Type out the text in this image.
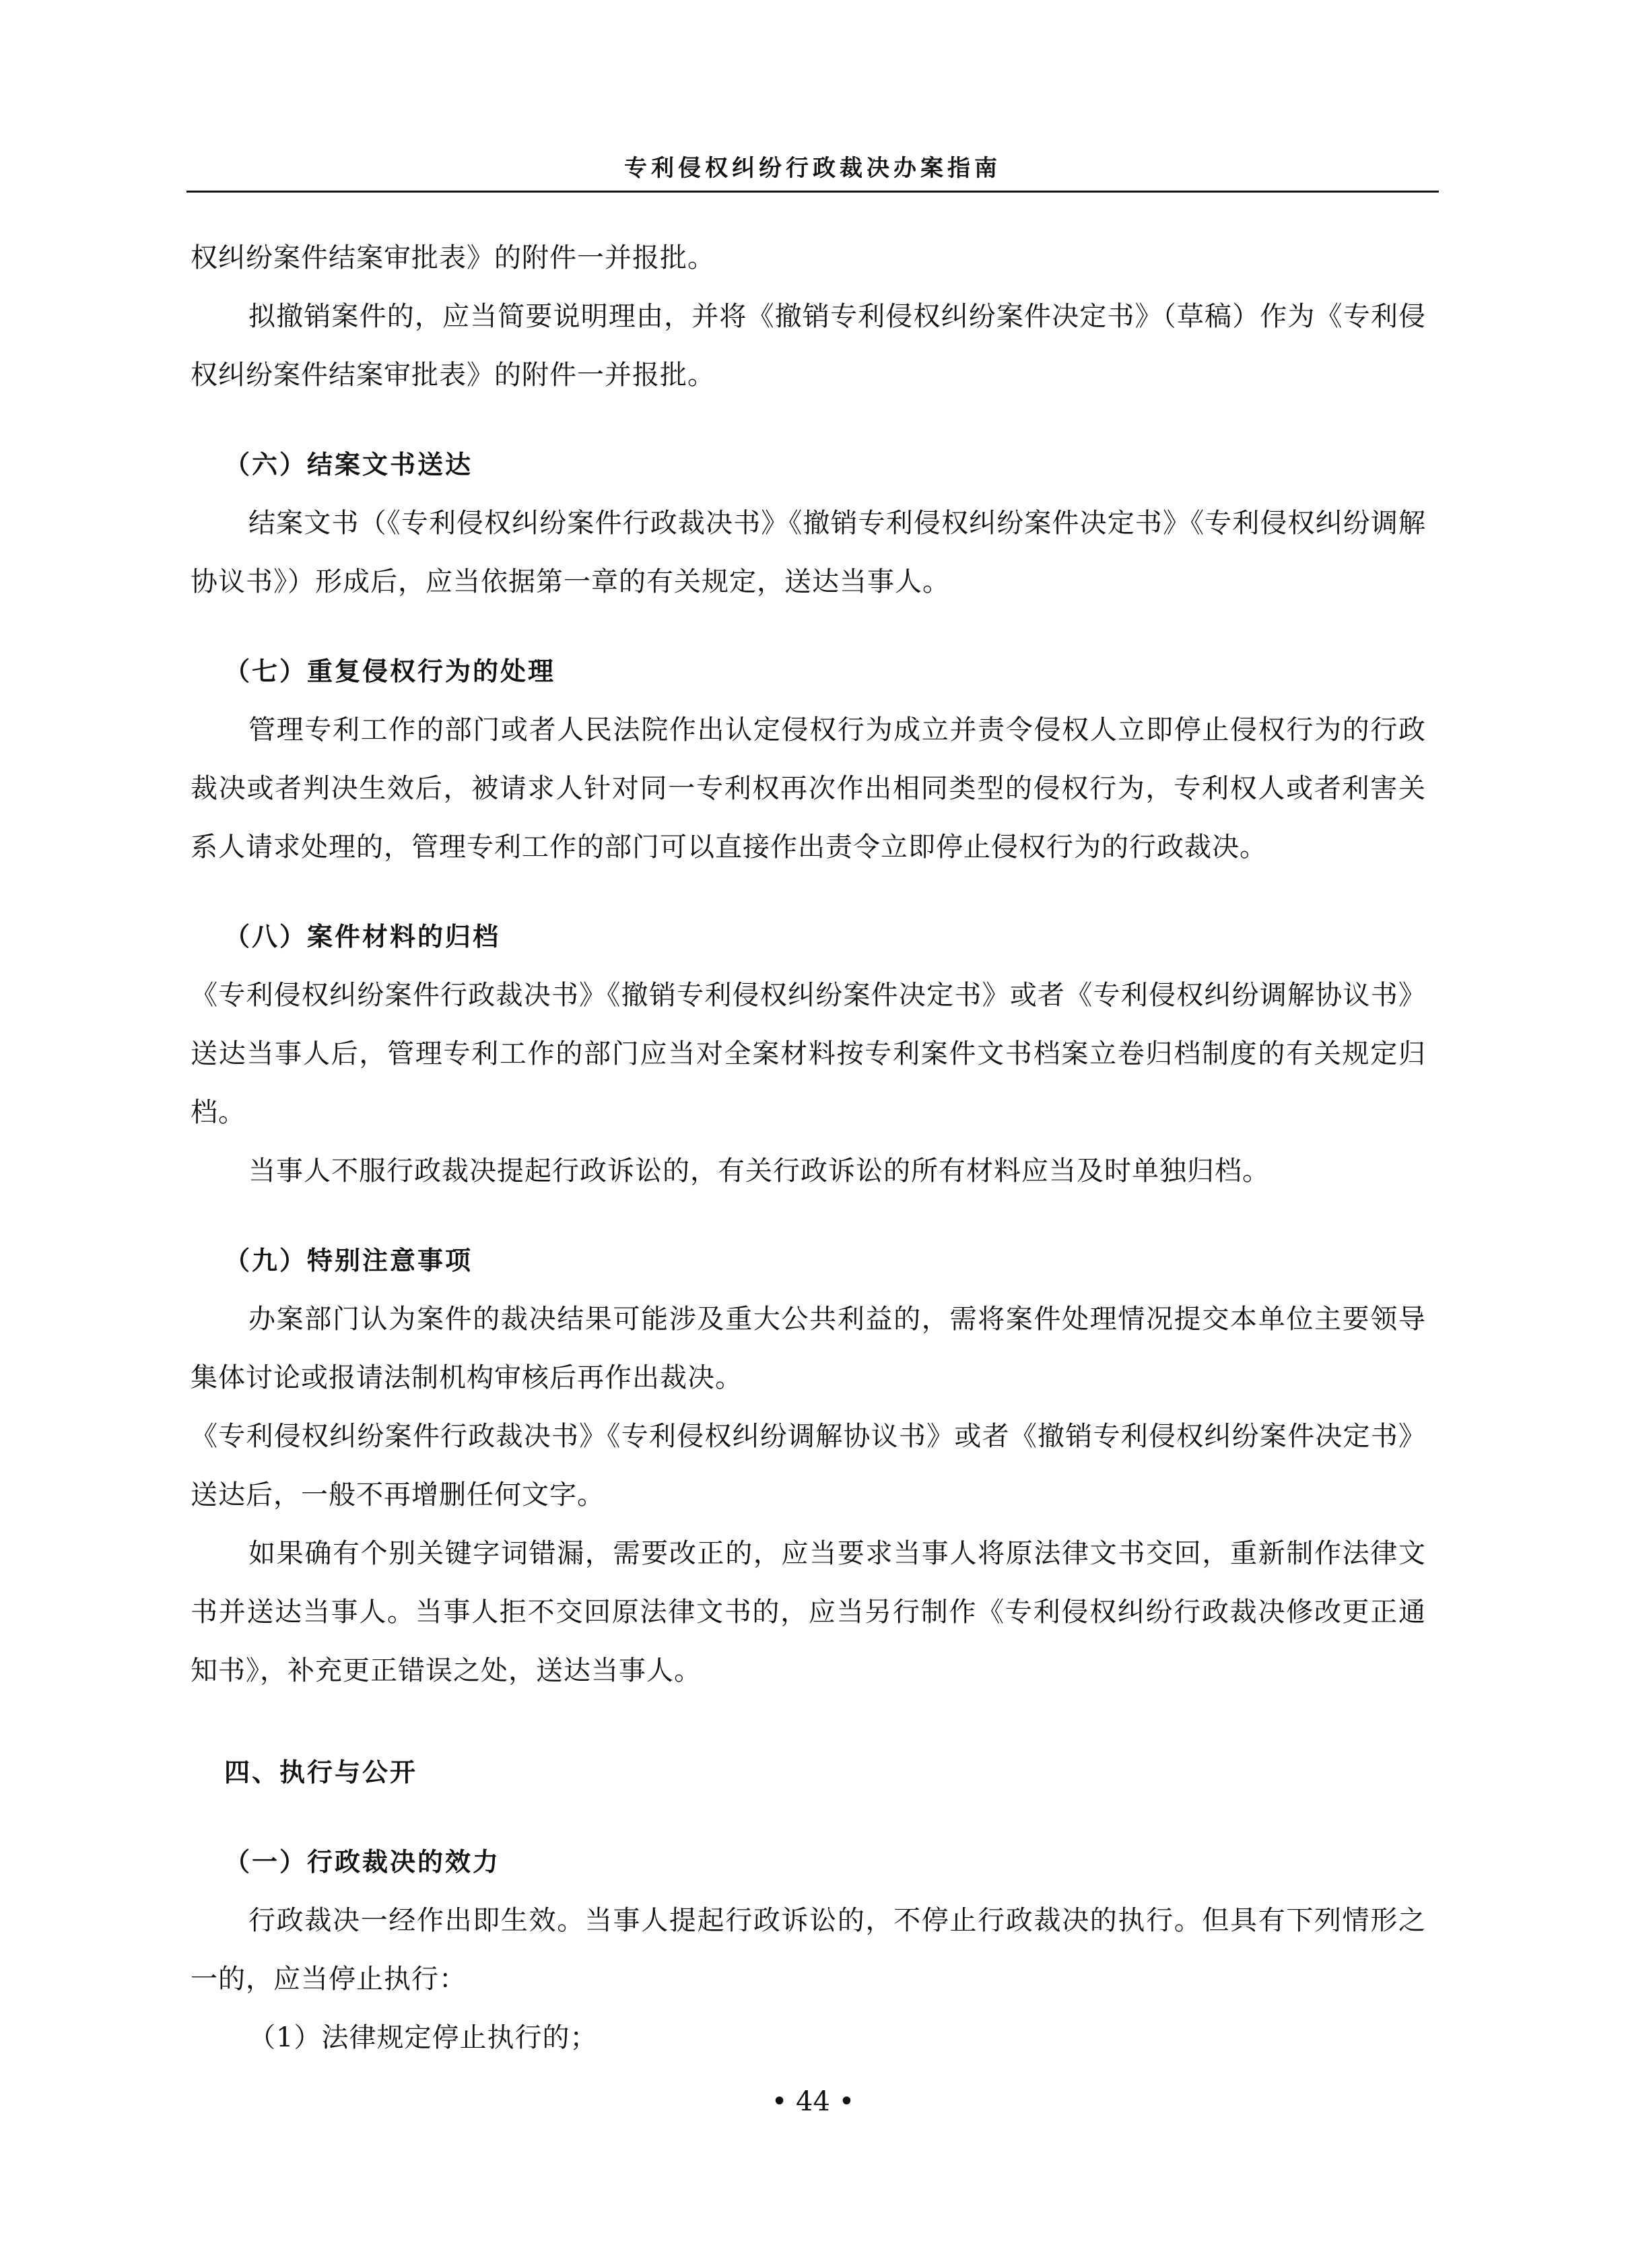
专利侵权纠纷行政裁决办案指南

权纠纷案件结案审批表》的附件一并报批。

拟撤销案件的，应当简要说明理由，并将《撤销专利侵权纠纷案件决定书》（草稿）作为《专利侵权纠纷案件结案审批表》的附件一并报批。

（六）结案文书送达

结案文书（《专利侵权纠纷案件行政裁决书》《撤销专利侵权纠纷案件决定书》《专利侵权纠纷调解协议书》）形成后，应当依据第一章的有关规定，送达当事人。

（七）重复侵权行为的处理

管理专利工作的部门或者人民法院作出认定侵权行为成立并责令侵权人立即停止侵权行为的行政裁决或者判决生效后，被请求人针对同一专利权再次作出相同类型的侵权行为，专利权人或者利害关系人请求处理的，管理专利工作的部门可以直接作出责令立即停止侵权行为的行政裁决。

（八）案件材料的归档

《专利侵权纠纷案件行政裁决书》《撤销专利侵权纠纷案件决定书》或者《专利侵权纠纷调解协议书》送达当事人后，管理专利工作的部门应当对全案材料按专利案件文书档案立卷归档制度的有关规定归档。

当事人不服行政裁决提起行政诉讼的，有关行政诉讼的所有材料应当及时单独归档。

（九）特别注意事项

办案部门认为案件的裁决结果可能涉及重大公共利益的，需将案件处理情况提交本单位主要领导集体讨论或报请法制机构审核后再作出裁决。

《专利侵权纠纷案件行政裁决书》《专利侵权纠纷调解协议书》或者《撤销专利侵权纠纷案件决定书》送达后，一般不再增删任何文字。

如果确有个别关键字词错漏，需要改正的，应当要求当事人将原法律文书交回，重新制作法律文书并送达当事人。当事人拒不交回原法律文书的，应当另行制作《专利侵权纠纷行政裁决修改更正通知书》，补充更正错误之处，送达当事人。

四、执行与公开

（一）行政裁决的效力

行政裁决一经作出即生效。当事人提起行政诉讼的，不停止行政裁决的执行。但具有下列情形之一的，应当停止执行：

（1）法律规定停止执行的；

• 44 •
